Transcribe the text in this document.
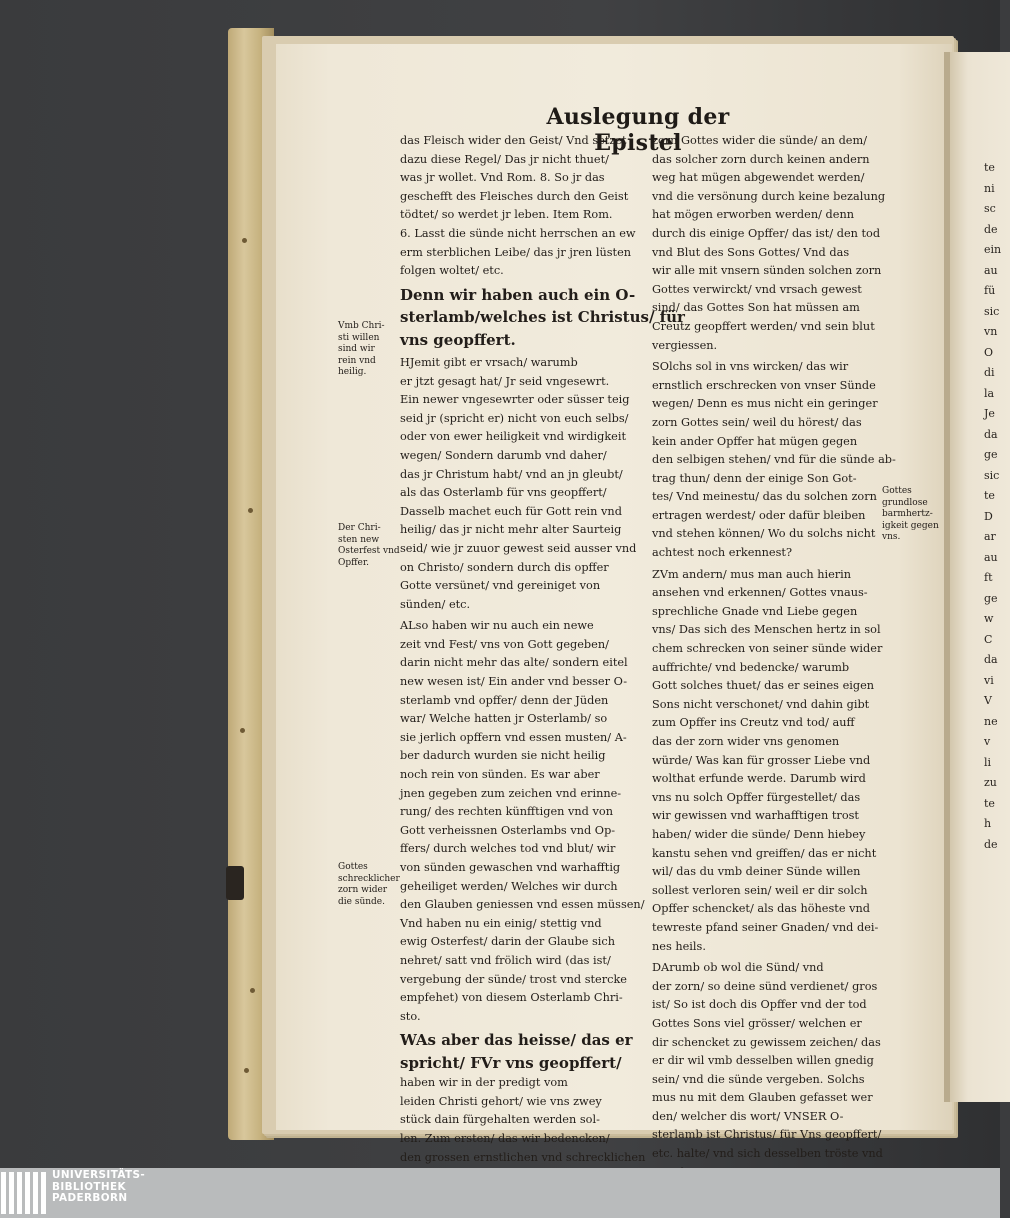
Auslegung der Epistel

das Fleisch wider den Geist/ Vnd setzet

dazu diese Regel/ Das jr nicht thuet/

was jr wollet. Vnd Rom. 8. So jr das

geschefft des Fleisches durch den Geist

tödtet/ so werdet jr leben. Item Rom.

6. Lasst die sünde nicht herrschen an ew

erm sterblichen Leibe/ das jr jren lüsten

folgen woltet/ etc.

Denn wir haben auch ein O-

sterlamb/welches ist Christus/ für

vns geopffert.

HJemit gibt er vrsach/ warumb

er jtzt gesagt hat/ Jr seid vngesewrt.

Ein newer vngesewrter oder süsser teig

seid jr (spricht er) nicht von euch selbs/

oder von ewer heiligkeit vnd wirdigkeit

wegen/ Sondern darumb vnd daher/

das jr Christum habt/ vnd an jn gleubt/

als das Osterlamb für vns geopffert/

Dasselb machet euch für Gott rein vnd

heilig/ das jr nicht mehr alter Saurteig

seid/ wie jr zuuor gewest seid ausser vnd

on Christo/ sondern durch dis opffer

Gotte versünet/ vnd gereiniget von

sünden/ etc.

ALso haben wir nu auch ein newe

zeit vnd Fest/ vns von Gott gegeben/

darin nicht mehr das alte/ sondern eitel

new wesen ist/ Ein ander vnd besser O-

sterlamb vnd opffer/ denn der Jüden

war/ Welche hatten jr Osterlamb/ so

sie jerlich opffern vnd essen musten/ A-

ber dadurch wurden sie nicht heilig

noch rein von sünden. Es war aber

jnen gegeben zum zeichen vnd erinne-

rung/ des rechten künfftigen vnd von

Gott verheissnen Osterlambs vnd Op-

ffers/ durch welches tod vnd blut/ wir

von sünden gewaschen vnd warhafftig

geheiliget werden/ Welches wir durch

den Glauben geniessen vnd essen müssen/

Vnd haben nu ein einig/ stettig vnd

ewig Osterfest/ darin der Glaube sich

nehret/ satt vnd frölich wird (das ist/

vergebung der sünde/ trost vnd stercke

empfehet) von diesem Osterlamb Chri-

sto.

WAs aber das heisse/ das er

spricht/ FVr vns geopffert/

haben wir in der predigt vom

leiden Christi gehort/ wie vns zwey

stück dain fürgehalten werden sol-

len. Zum ersten/ das wir bedencken/

den grossen ernstlichen vnd schrecklichen

zorn Gottes wider die sünde/ an dem/

das solcher zorn durch keinen andern

weg hat mügen abgewendet werden/

vnd die versönung durch keine bezalung

hat mögen erworben werden/ denn

durch dis einige Opffer/ das ist/ den tod

vnd Blut des Sons Gottes/ Vnd das

wir alle mit vnsern sünden solchen zorn

Gottes verwirckt/ vnd vrsach gewest

sind/ das Gottes Son hat müssen am

Creutz geopffert werden/ vnd sein blut

vergiessen.

SOlchs sol in vns wircken/ das wir

ernstlich erschrecken von vnser Sünde

wegen/ Denn es mus nicht ein geringer

zorn Gottes sein/ weil du hörest/ das

kein ander Opffer hat mügen gegen

den selbigen stehen/ vnd für die sünde ab-

trag thun/ denn der einige Son Got-

tes/ Vnd meinestu/ das du solchen zorn

ertragen werdest/ oder dafür bleiben

vnd stehen können/ Wo du solchs nicht

achtest noch erkennest?

ZVm andern/ mus man auch hierin

ansehen vnd erkennen/ Gottes vnaus-

sprechliche Gnade vnd Liebe gegen

vns/ Das sich des Menschen hertz in sol

chem schrecken von seiner sünde wider

auffrichte/ vnd bedencke/ warumb

Gott solches thuet/ das er seines eigen

Sons nicht verschonet/ vnd dahin gibt

zum Opffer ins Creutz vnd tod/ auff

das der zorn wider vns genomen

würde/ Was kan für grosser Liebe vnd

wolthat erfunde werde. Darumb wird

vns nu solch Opffer fürgestellet/ das

wir gewissen vnd warhafftigen trost

haben/ wider die sünde/ Denn hiebey

kanstu sehen vnd greiffen/ das er nicht

wil/ das du vmb deiner Sünde willen

sollest verloren sein/ weil er dir solch

Opffer schencket/ als das höheste vnd

tewreste pfand seiner Gnaden/ vnd dei-

nes heils.

DArumb ob wol die Sünd/ vnd

der zorn/ so deine sünd verdienet/ gros

ist/ So ist doch dis Opffer vnd der tod

Gottes Sons viel grösser/ welchen er

dir schencket zu gewissem zeichen/ das

er dir wil vmb desselben willen gnedig

sein/ vnd die sünde vergeben. Solchs

mus nu mit dem Glauben gefasset wer

den/ welcher dis wort/ VNSER O-

sterlamb ist Christus/ für Vns geopffert/

etc. halte/ vnd sich desselben tröste vnd

Vmb Chri-
sti willen
sind wir
rein vnd
heilig.
Der Chri-
sten new
Osterfest vnd
Opffer.
Gottes
schrecklicher
zorn wider
die sünde.
Gottes
grundlose
barmhertz-
igkeit gegen
vns.
te
ni
sc
de
ein
au
fü
sic
vn
O
di
la
Je
da
ge
sic
te
D
ar
au
ft
ge
w
C
da
vi
V
ne
v
li
zu
te
h
de
UNIVERSITÄTS-
BIBLIOTHEK
PADERBORN
